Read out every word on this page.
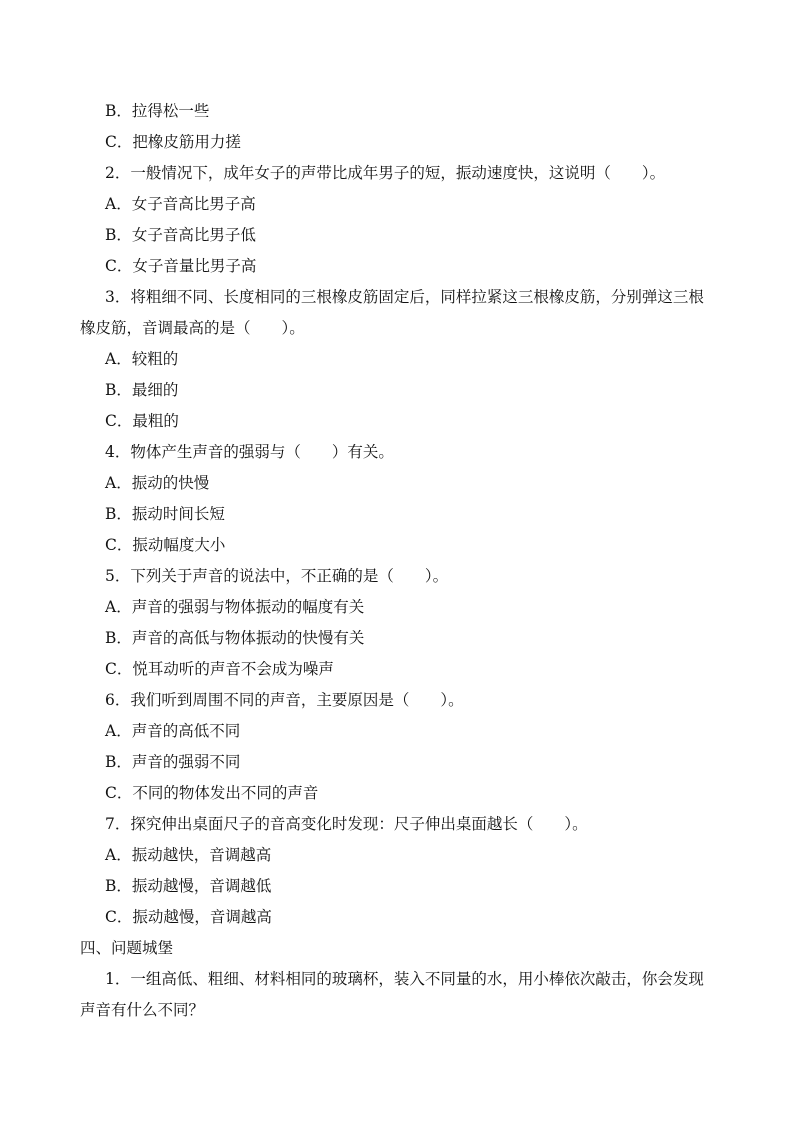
B．拉得松一些
C．把橡皮筋用力搓
2．一般情况下，成年女子的声带比成年男子的短，振动速度快，这说明（　　）。
A．女子音高比男子高
B．女子音高比男子低
C．女子音量比男子高
3．将粗细不同、长度相同的三根橡皮筋固定后，同样拉紧这三根橡皮筋，分别弹这三根
橡皮筋，音调最高的是（　　）。
A．较粗的
B．最细的
C．最粗的
4．物体产生声音的强弱与（　　）有关。
A．振动的快慢
B．振动时间长短
C．振动幅度大小
5．下列关于声音的说法中，不正确的是（　　）。
A．声音的强弱与物体振动的幅度有关
B．声音的高低与物体振动的快慢有关
C．悦耳动听的声音不会成为噪声
6．我们听到周围不同的声音，主要原因是（　　）。
A．声音的高低不同
B．声音的强弱不同
C．不同的物体发出不同的声音
7．探究伸出桌面尺子的音高变化时发现：尺子伸出桌面越长（　　）。
A．振动越快，音调越高
B．振动越慢，音调越低
C．振动越慢，音调越高
四、问题城堡
1．一组高低、粗细、材料相同的玻璃杯，装入不同量的水，用小棒依次敲击，你会发现
声音有什么不同？
